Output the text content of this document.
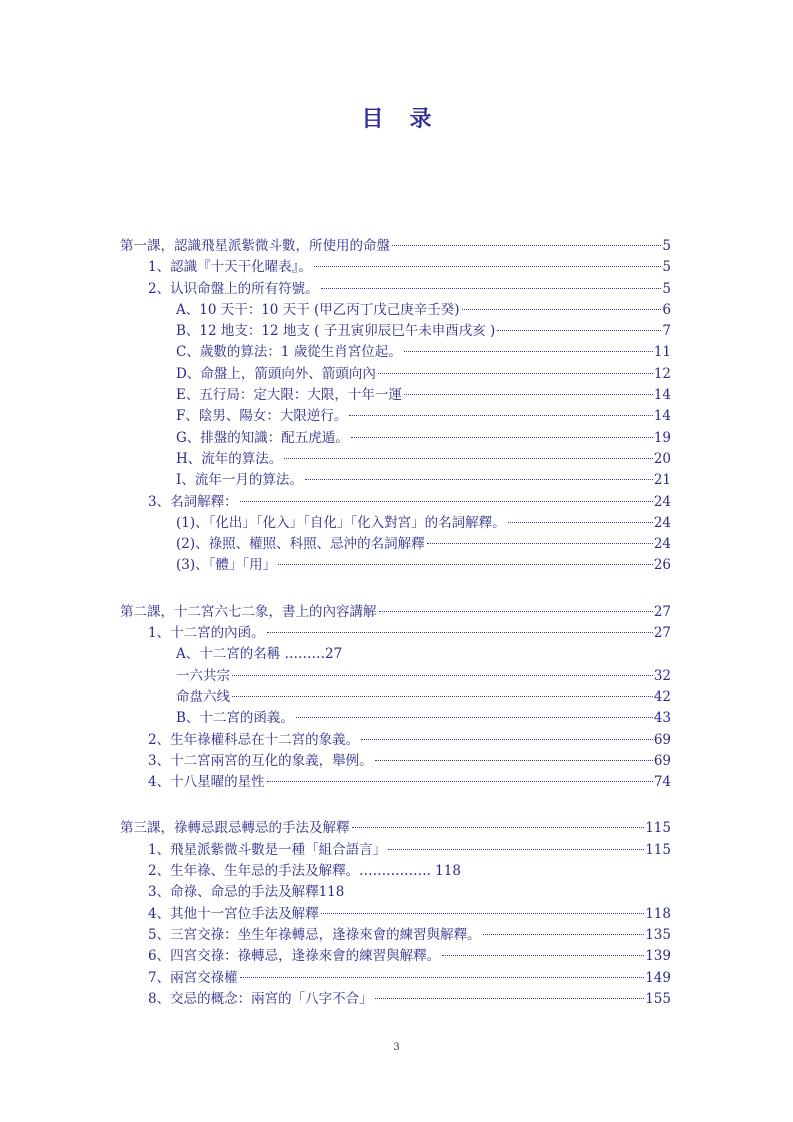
目 录
第一課，認識飛星派紫微斗數，所使用的命盤	5
1、認識『十天干化曜表』。	5
2、认识命盤上的所有符號。	5
A、10 天干：10 天干 (甲乙丙丁戊己庚辛壬癸)	6
B、12 地支：12 地支 ( 子丑寅卯辰巳午未申酉戌亥 )	7
C、歲數的算法：1 歲從生肖宮位起。	11
D、命盤上，箭頭向外、箭頭向內	12
E、五行局：定大限：大限，十年一運	14
F、陰男、陽女：大限逆行。	14
G、排盤的知識：配五虎遁。	19
H、流年的算法。	20
I、流年一月的算法。	21
3、名詞解釋：	24
(1)、「化出」「化入」「自化」「化入對宮」的名詞解釋。	24
(2)、祿照、權照、科照、忌沖的名詞解釋	24
(3)、「體」「用」	26
第二課，十二宮六七二象，書上的內容講解	27
1、十二宮的內函。	27
A、十二宮的名稱 ………27
一六共宗	32
命盘六线	42
B、十二宮的函義。	43
2、生年祿權科忌在十二宮的象義。	69
3、十二宮兩宮的互化的象義，舉例。	69
4、十八星曜的星性	74
第三課，祿轉忌跟忌轉忌的手法及解釋	115
1、飛星派紫微斗數是一種「組合語言」	115
2、生年祿、生年忌的手法及解釋。……………. 118
3、命祿、命忌的手法及解釋118
4、其他十一宮位手法及解釋	118
5、三宮交祿：坐生年祿轉忌，逢祿來會的練習與解釋。	135
6、四宮交祿：祿轉忌，逢祿來會的練習與解釋。	139
7、兩宮交祿權	149
8、交忌的概念：兩宮的「八字不合」	155
3
